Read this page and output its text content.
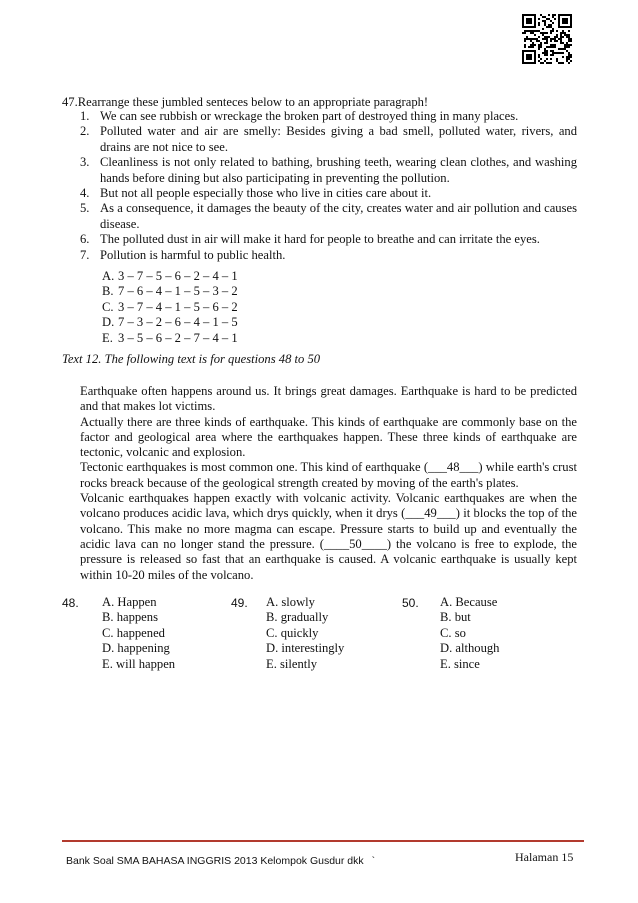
47.Rearrange these jumbled senteces below to an appropriate paragraph!
1. We can see rubbish or wreckage the broken part of destroyed thing in many places.
2. Polluted water and air are smelly: Besides giving a bad smell, polluted water, rivers, and drains are not nice to see.
3. Cleanliness is not only related to bathing, brushing teeth, wearing clean clothes, and washing hands before dining but also participating in preventing the pollution.
4. But not all people especially those who live in cities care about it.
5. As a consequence, it damages the beauty of the city, creates water and air pollution and causes disease.
6. The polluted dust in air will make it hard for people to breathe and can irritate the eyes.
7. Pollution is harmful to public health.
A. 3 – 7 – 5 – 6 – 2 – 4 – 1
B. 7 – 6 – 4 – 1 – 5 – 3 – 2
C. 3 – 7 – 4 – 1 – 5 – 6 – 2
D. 7 – 3 – 2 – 6 – 4 – 1 – 5
E. 3 – 5 – 6 – 2 – 7 – 4 – 1
Text 12. The following text is for questions 48 to 50

Earthquake often happens around us. It brings great damages. Earthquake is hard to be predicted and that makes lot victims.

Actually there are three kinds of earthquake. This kinds of earthquake are commonly base on the factor and geological area where the earthquakes happen. These three kinds of earthquake are tectonic, volcanic and explosion.

Tectonic earthquakes is most common one. This kind of earthquake (___48___) while earth's crust rocks breack because of the geological strength created by moving of the earth's plates.

Volcanic earthquakes happen exactly with volcanic activity. Volcanic earthquakes are when the volcano produces acidic lava, which drys quickly, when it drys (___49___) it blocks the top of the volcano. This make no more magma can escape. Pressure starts to build up and eventually the acidic lava can no longer stand the pressure. (____50____) the volcano is free to explode, the pressure is released so fast that an earthquake is caused. A volcanic earthquake is usually kept within 10-20 miles of the volcano.

48. A. Happen
B. happens
C. happened
D. happening
E. will happen
49. A. slowly
B. gradually
C. quickly
D. interestingly
E. silently
50. A. Because
B. but
C. so
D. although
E. since
Bank Soal SMA BAHASA INGGRIS 2013 Kelompok Gusdur dkk `	Halaman 15
